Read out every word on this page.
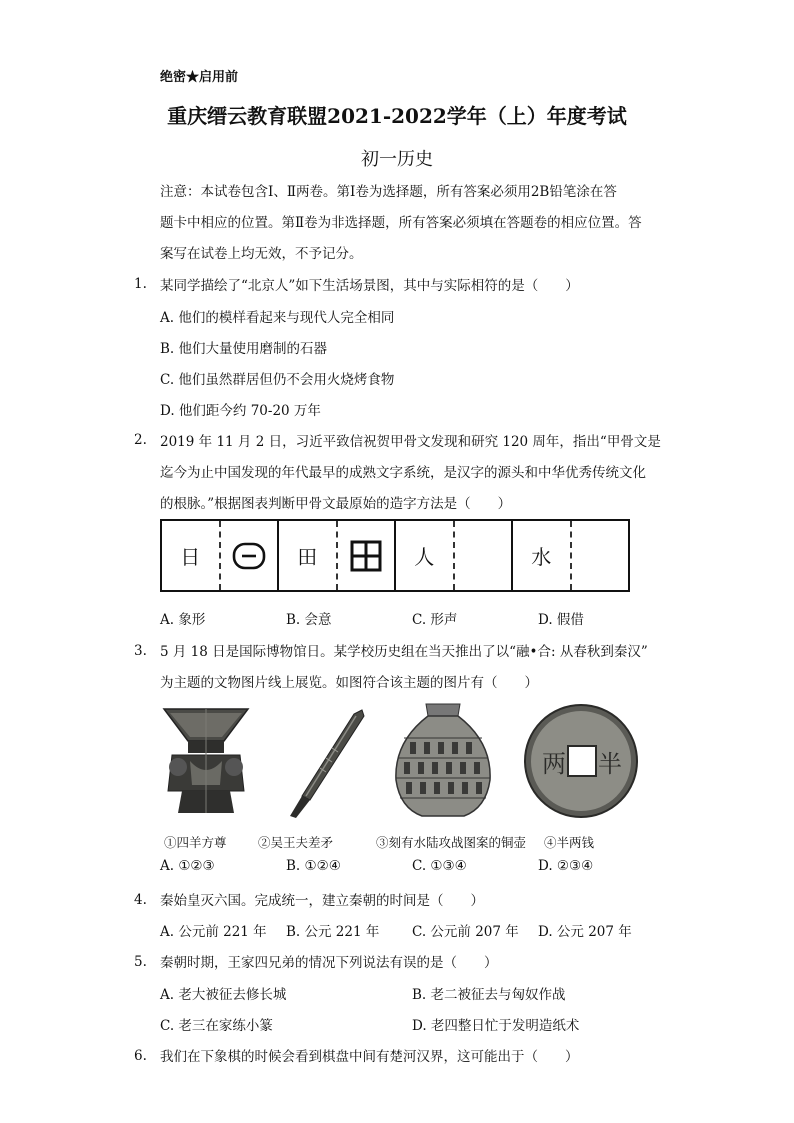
绝密★启用前
重庆缙云教育联盟2021-2022学年（上）年度考试
初一历史
注意：本试卷包含Ⅰ、Ⅱ两卷。第Ⅰ卷为选择题，所有答案必须用2B铅笔涂在答
题卡中相应的位置。第Ⅱ卷为非选择题，所有答案必须填在答题卷的相应位置。答
案写在试卷上均无效，不予记分。
1. 某同学描绘了“北京人”如下生活场景图，其中与实际相符的是（　　）
A. 他们的模样看起来与现代人完全相同
B. 他们大量使用磨制的石器
C. 他们虽然群居但仍不会用火烧烤食物
D. 他们距今约 70-20 万年
2. 2019 年 11 月 2 日，习近平致信祝贺甲骨文发现和研究 120 周年，指出“甲骨文是
迄今为止中国发现的年代最早的成熟文字系统，是汉字的源头和中华优秀传统文化
的根脉。”根据图表判断甲骨文最原始的造字方法是（　　）
日	田	人	水
A. 象形	B. 会意	C. 形声	D. 假借
3. 5 月 18 日是国际博物馆日。某学校历史组在当天推出了以“融•合: 从春秋到秦汉”
为主题的文物图片线上展览。如图符合该主题的图片有（　　）
两 半
①四羊方尊	②吴王夫差矛	③刻有水陆攻战图案的铜壶 ④半两钱
A. ①②③	B. ①②④	C. ①③④	D. ②③④
4. 秦始皇灭六国。完成统一，建立秦朝的时间是（　　）
A. 公元前 221 年 B. 公元 221 年 C. 公元前 207 年 D. 公元 207 年
5. 秦朝时期，王家四兄弟的情况下列说法有误的是（　　）
A. 老大被征去修长城	B. 老二被征去与匈奴作战
C. 老三在家练小篆	D. 老四整日忙于发明造纸术
6. 我们在下象棋的时候会看到棋盘中间有楚河汉界，这可能出于（　　）
